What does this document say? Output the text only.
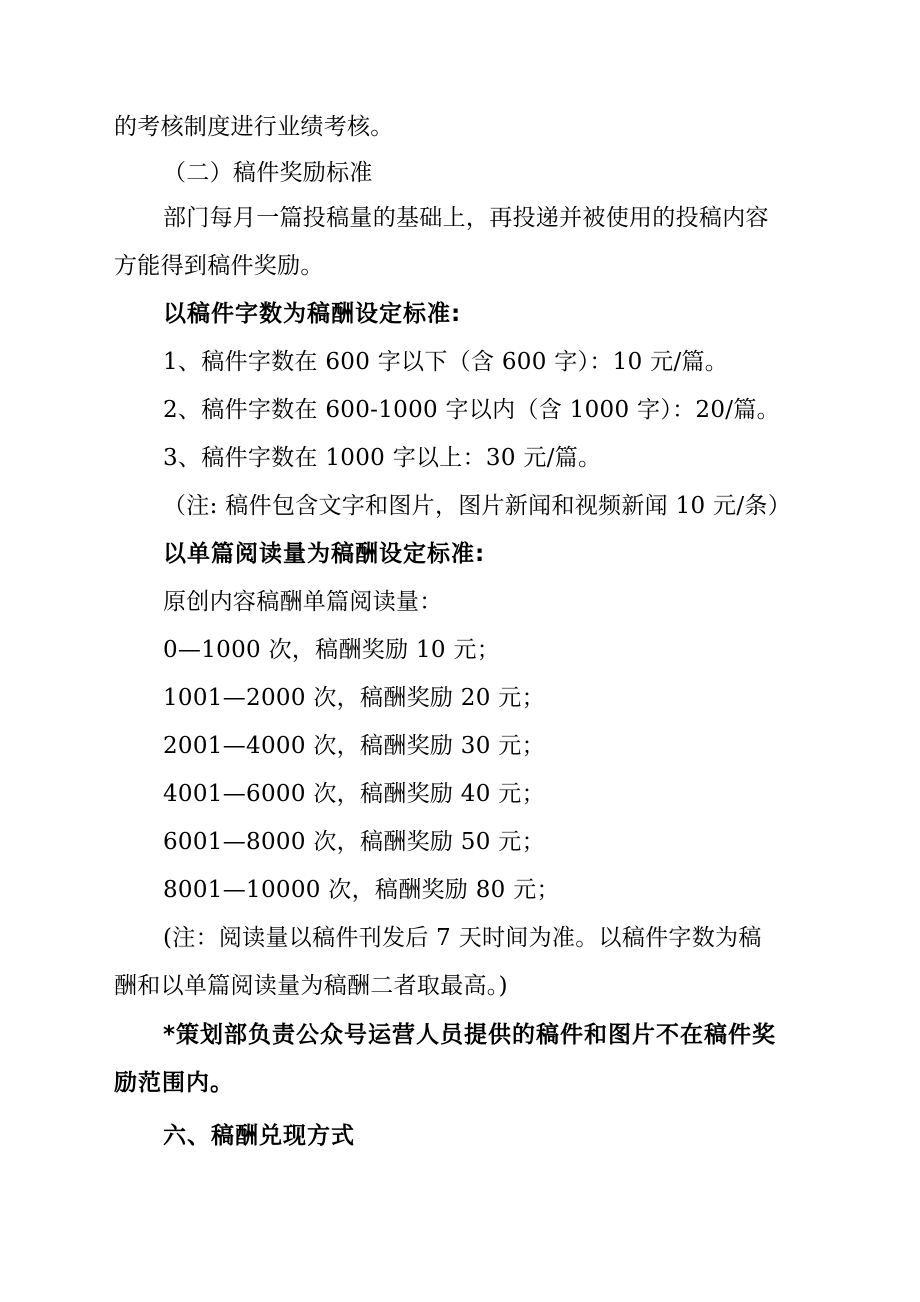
的考核制度进行业绩考核。
（二）稿件奖励标准
部门每月一篇投稿量的基础上，再投递并被使用的投稿内容
方能得到稿件奖励。
以稿件字数为稿酬设定标准:
1、稿件字数在 600 字以下（含 600 字）：10 元/篇。
2、稿件字数在 600-1000 字以内（含 1000 字）：20/篇。
3、稿件字数在 1000 字以上：30 元/篇。
（注: 稿件包含文字和图片，图片新闻和视频新闻 10 元/条）
以单篇阅读量为稿酬设定标准:
原创内容稿酬单篇阅读量：
0—1000 次，稿酬奖励 10 元；
1001—2000 次，稿酬奖励 20 元；
2001—4000 次，稿酬奖励 30 元；
4001—6000 次，稿酬奖励 40 元；
6001—8000 次，稿酬奖励 50 元；
8001—10000 次，稿酬奖励 80 元；
(注：阅读量以稿件刊发后 7 天时间为准。以稿件字数为稿
酬和以单篇阅读量为稿酬二者取最高。)
*策划部负责公众号运营人员提供的稿件和图片不在稿件奖
励范围内。
六、稿酬兑现方式
